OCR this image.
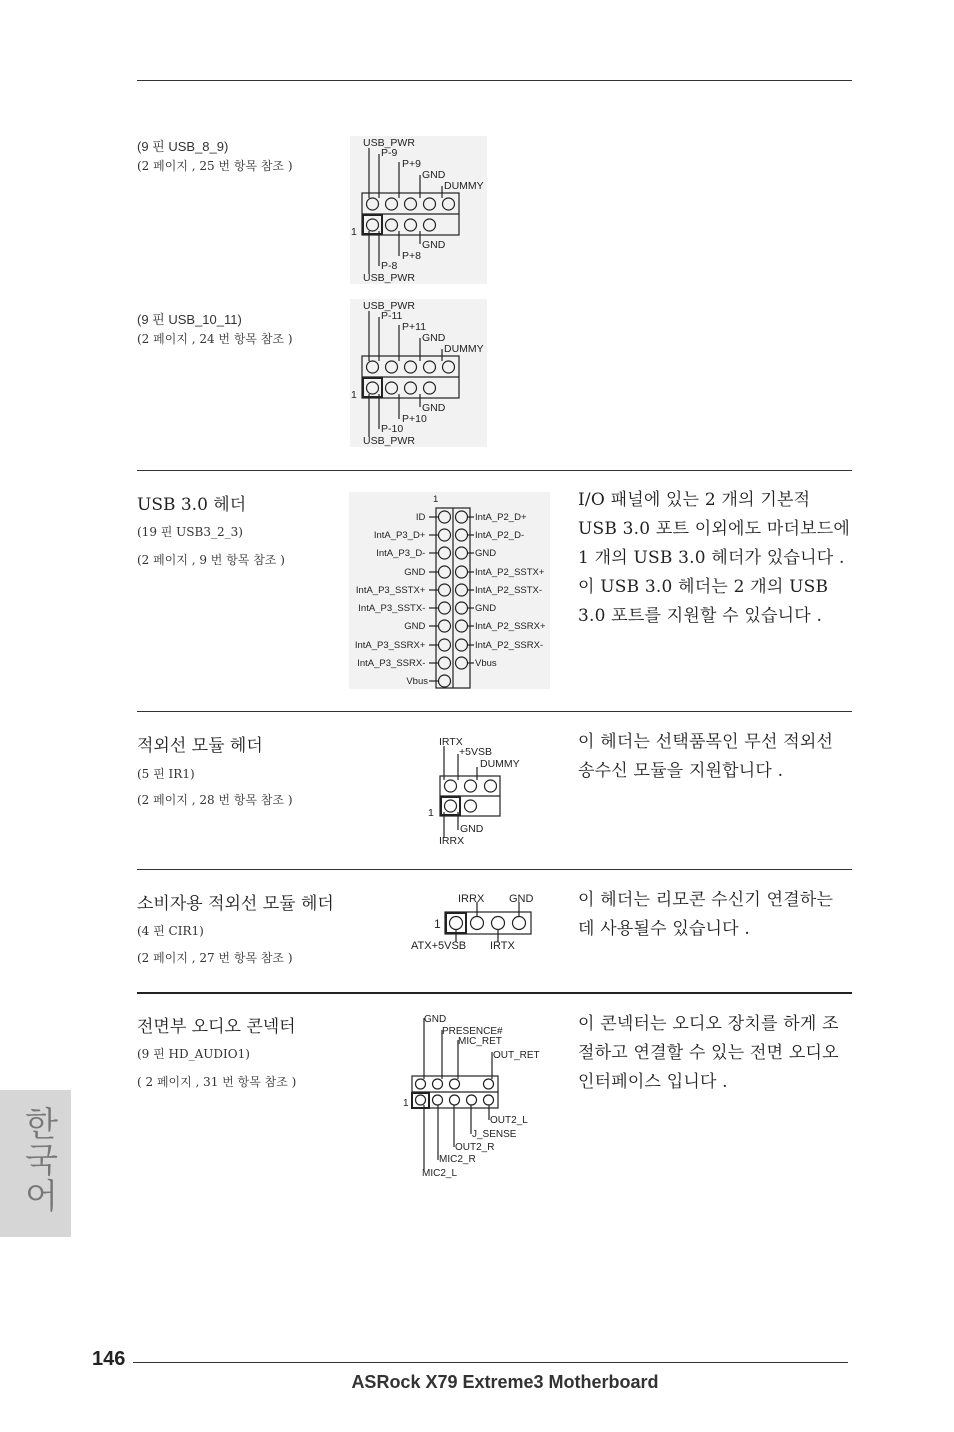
(9 핀 USB_8_9)
(2 페이지 , 25 번 항목 참조 )
USB_PWR P-9 P+9 GND DUMMY 1 GND P+8 P-8 USB_PWR
(9 핀 USB_10_11)
(2 페이지 , 24 번 항목 참조 )
USB_PWR P-11 P+11 GND DUMMY 1 GND P+10 P-10 USB_PWR
USB 3.0 헤더
(19 핀 USB3_2_3)
(2 페이지 , 9 번 항목 참조 )
1
ID IntA_P3_D+ IntA_P3_D- GND IntA_P3_SSTX+ IntA_P3_SSTX- GND IntA_P3_SSRX+ IntA_P3_SSRX- Vbus
IntA_P2_D+ IntA_P2_D- GND IntA_P2_SSTX+ IntA_P2_SSTX- GND IntA_P2_SSRX+ IntA_P2_SSRX- Vbus
I/O 패널에 있는 2 개의 기본적 USB 3.0 포트 이외에도 마더보드에 1 개의 USB 3.0 헤더가 있습니다 . 이 USB 3.0 헤더는 2 개의 USB 3.0 포트를 지원할 수 있습니다 .
적외선 모듈 헤더
(5 핀 IR1)
(2 페이지 , 28 번 항목 참조 )
IRTX +5VSB DUMMY 1 GND IRRX
이 헤더는 선택품목인 무선 적외선 송수신 모듈을 지원합니다 .
소비자용 적외선 모듈 헤더
(4 핀 CIR1)
(2 페이지 , 27 번 항목 참조 )
IRRX GND 1 ATX+5VSB IRTX
이 헤더는 리모콘 수신기 연결하는 데 사용될수 있습니다 .
전면부 오디오 콘넥터
(9 핀 HD_AUDIO1)
( 2 페이지 , 31 번 항목 참조 )
GND PRESENCE# MIC_RET OUT_RET 1 OUT2_L J_SENSE OUT2_R MIC2_R MIC2_L
이 콘넥터는 오디오 장치를 하게 조절하고 연결할 수 있는 전면 오디오 인터페이스 입니다 .
한국어
146
ASRock X79 Extreme3 Motherboard
